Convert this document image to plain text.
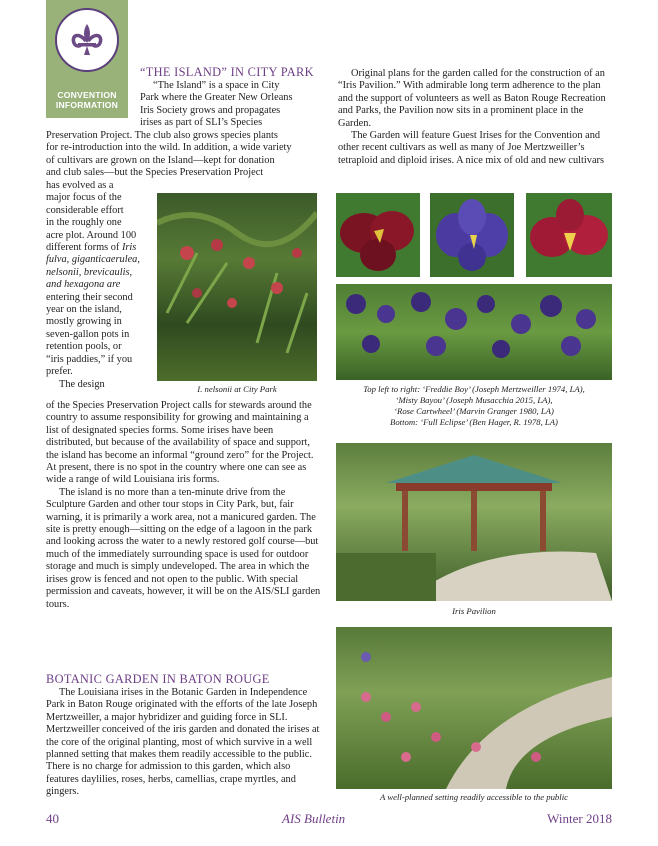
CONVENTION
INFORMATION
“THE ISLAND” IN CITY PARK
“The Island” is a space in City
Park where the Greater New Orleans
Iris Society grows and propagates
irises as part of SLI’s Species
Preservation Project. The club also grows species plants
for re-introduction into the wild. In addition, a wide variety
of cultivars are grown on the Island—kept for donation
and club sales—but the Species Preservation Project
has evolved as a
major focus of the
considerable effort
in the roughly one
acre plot. Around 100
different forms of Iris
fulva, giganticaerulea,
nelsonii, brevicaulis,
and hexagona are
entering their second
year on the island,
mostly growing in
seven-gallon pots in
retention pools, or
“iris paddies,” if you
prefer.
The design	I. nelsonii at City Park

of the Species Preservation Project calls for stewards around the country to assume responsibility for growing and maintaining a list of designated species forms. Some irises have been distributed, but because of the availability of space and support, the island has become an informal “ground zero” for the Project. At present, there is no spot in the country where one can see as wide a range of wild Louisiana iris forms.

The island is no more than a ten-minute drive from the Sculpture Garden and other tour stops in City Park, but, fair warning, it is primarily a work area, not a manicured garden. The site is pretty enough—sitting on the edge of a lagoon in the park and looking across the water to a newly restored golf course—but much of the immediately surrounding space is used for outdoor storage and much is simply undeveloped. The area in which the irises grow is fenced and not open to the public. With special permission and caveats, however, it will be on the AIS/SLI garden tours.

BOTANIC GARDEN IN BATON ROUGE

The Louisiana irises in the Botanic Garden in Independence Park in Baton Rouge originated with the efforts of the late Joseph Mertzweiller, a major hybridizer and guiding force in SLI. Mertzweiller conceived of the iris garden and donated the irises at the core of the original planting, most of which survive in a well planned setting that makes them readily accessible to the public. There is no charge for admission to this garden, which also features daylilies, roses, herbs, camellias, crape myrtles, and gingers.

Original plans for the garden called for the construction of an “Iris Pavilion.” With admirable long term adherence to the plan and the support of volunteers as well as Baton Rouge Recreation and Parks, the Pavilion now sits in a prominent place in the Garden.

The Garden will feature Guest Irises for the Convention and other recent cultivars as well as many of Joe Mertzweiller’s tetraploid and diploid irises. A nice mix of old and new cultivars

Top left to right: ‘Freddie Boy’ (Joseph Mertzweiller 1974, LA),
‘Misty Bayou’ (Joseph Musacchia 2015, LA),
‘Rose Cartwheel’ (Marvin Granger 1980, LA)
Bottom: ‘Full Eclipse’ (Ben Hager, R. 1978, LA)
Iris Pavilion
A well-planned setting readily accessible to the public
40	AIS Bulletin	Winter 2018
